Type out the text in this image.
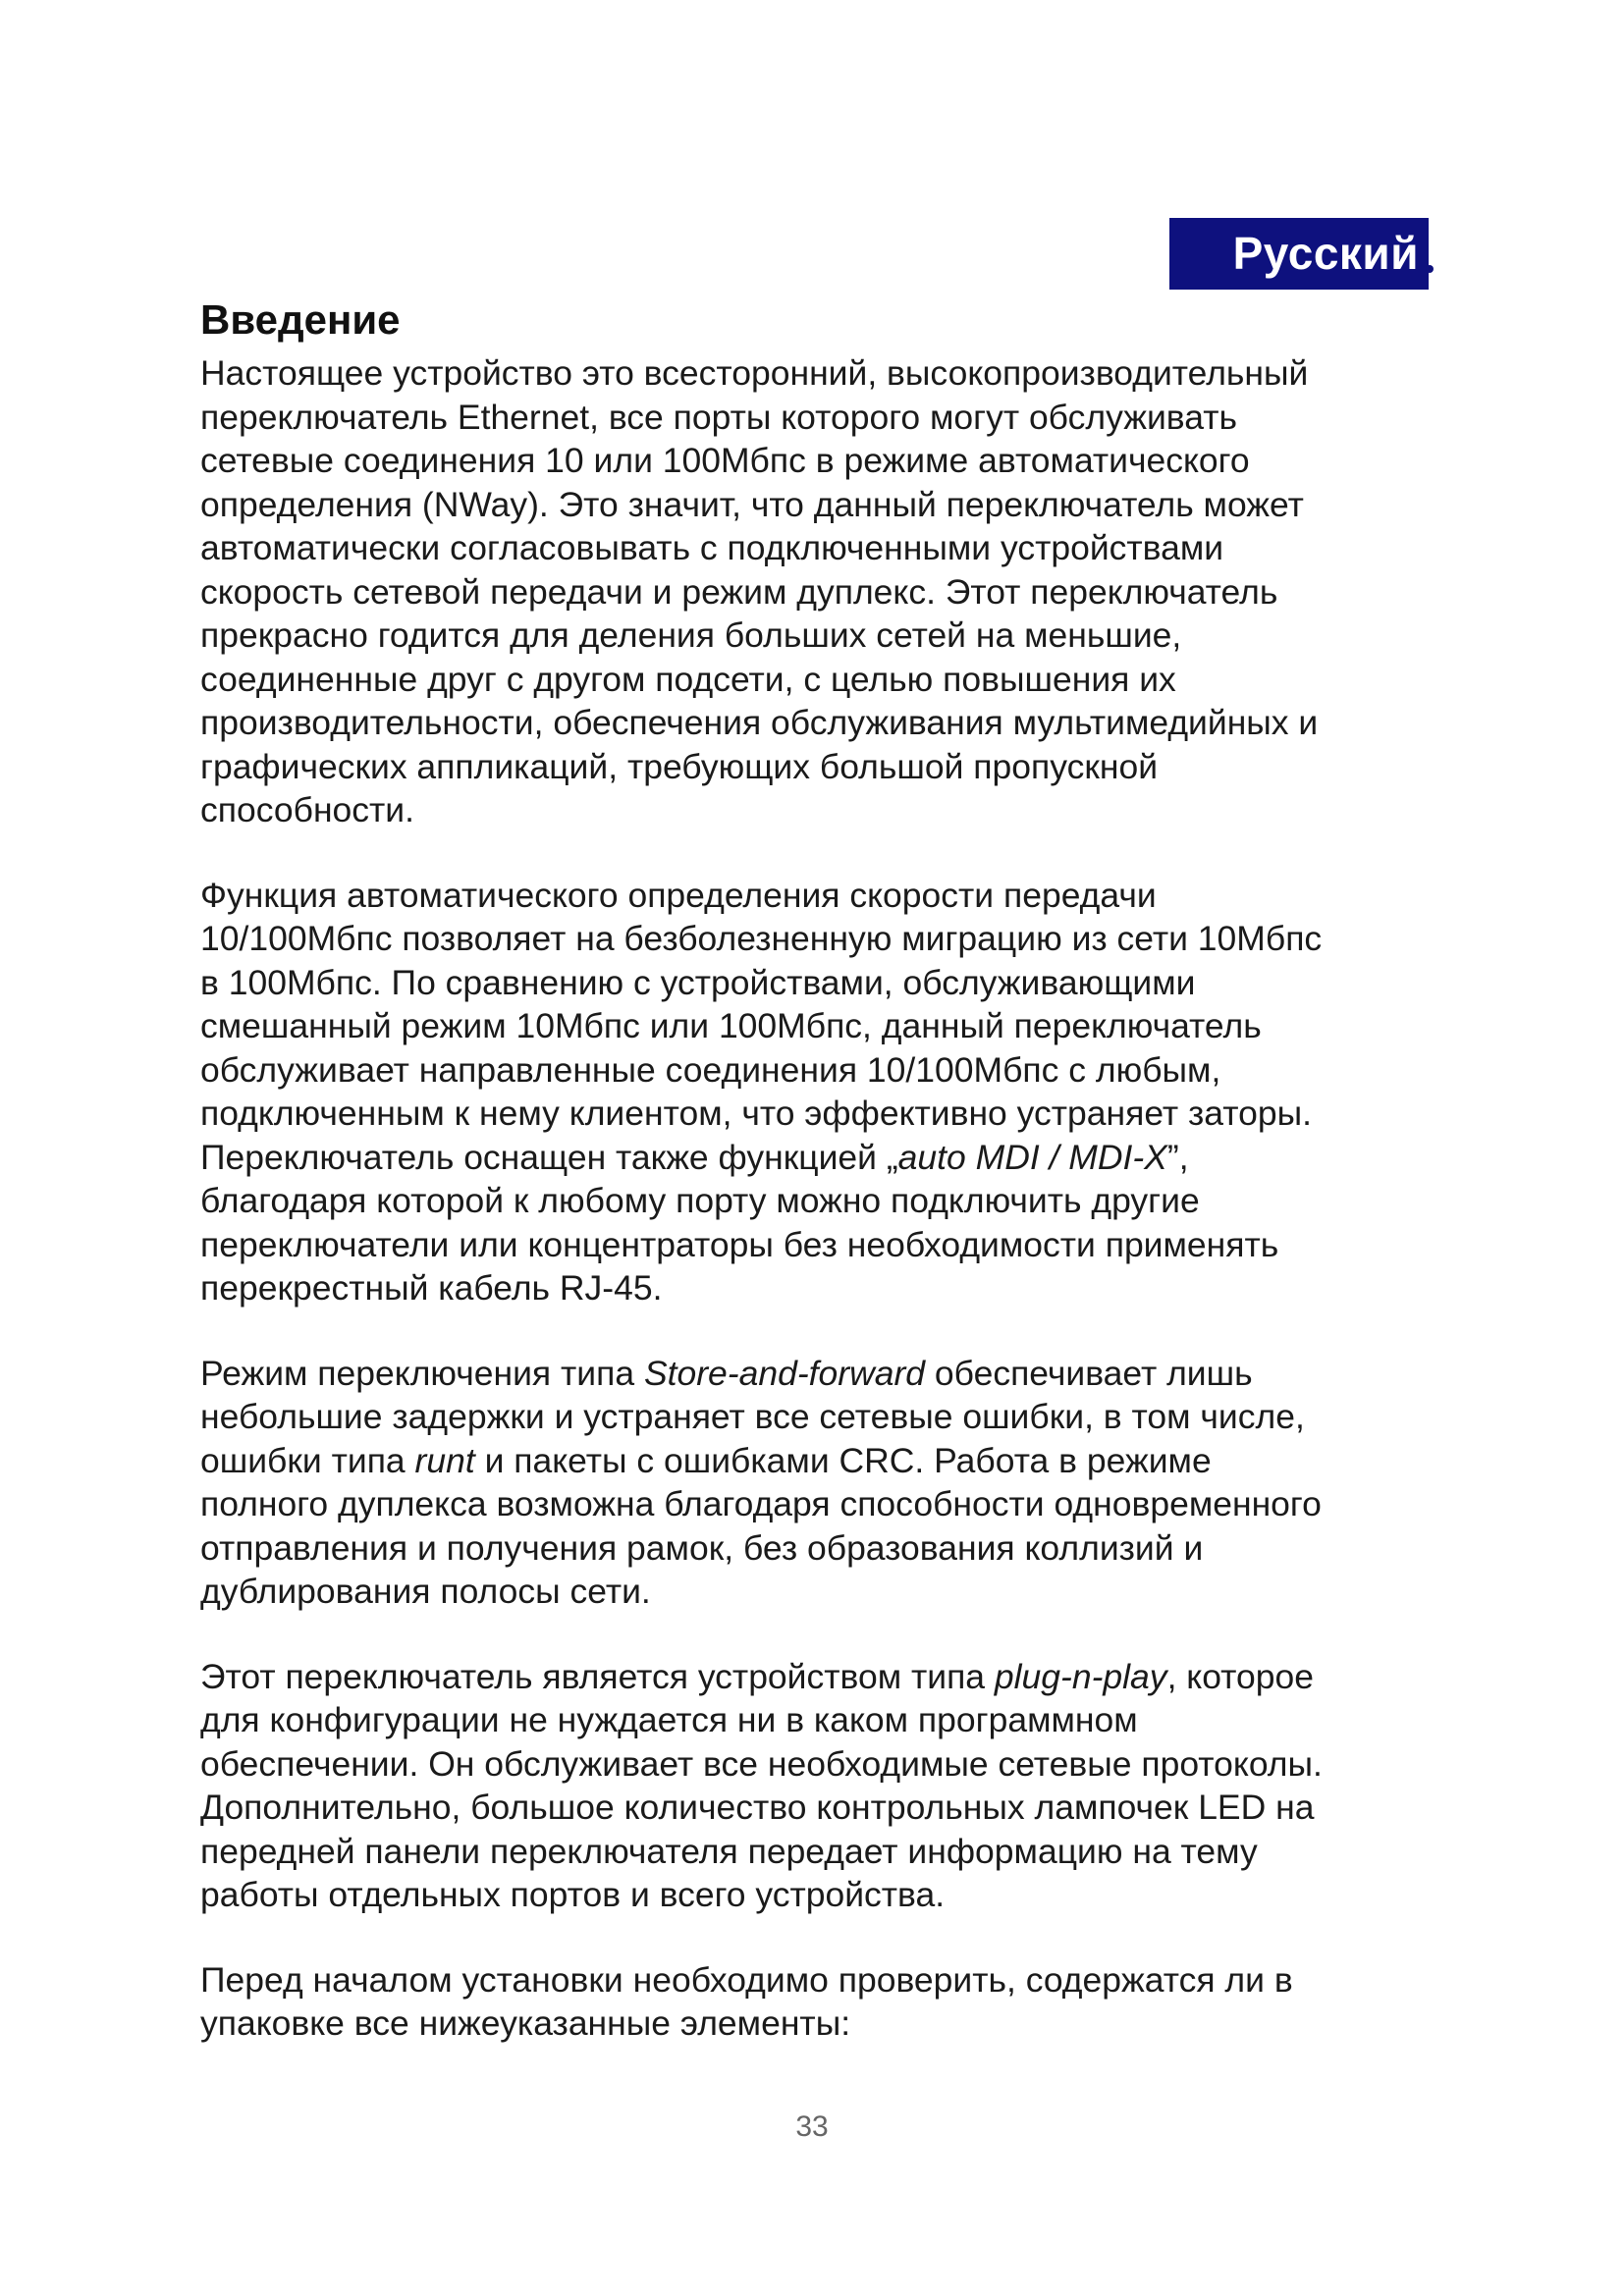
Русский
Введение

Настоящее устройство это всесторонний, высокопроизводительный
переключатель Ethernet, все порты которого могут обслуживать
сетевые соединения 10 или 100Мбпс в режиме автоматического
определения (NWay). Это значит, что данный переключатель может
автоматически согласовывать с подключенными устройствами
скорость сетевой передачи и режим дуплекс. Этот переключатель
прекрасно годится для деления больших сетей на меньшие,
соединенные друг с другом подсети, с целью повышения их
производительности, обеспечения обслуживания мультимедийных и
графических аппликаций, требующих большой пропускной
способности.

Функция автоматического определения скорости передачи
10/100Мбпс позволяет на безболезненную миграцию из сети 10Мбпс
в 100Мбпс. По сравнению с устройствами, обслуживающими
смешанный режим 10Мбпс или 100Мбпс, данный переключатель
обслуживает направленные соединения 10/100Мбпс с любым,
подключенным к нему клиентом, что эффективно устраняет заторы.
Переключатель оснащен также функцией „auto MDI / MDI-X”,
благодаря которой к любому порту можно подключить другие
переключатели или концентраторы без необходимости применять
перекрестный кабель RJ-45.

Режим переключения типа Store-and-forward обеспечивает лишь
небольшие задержки и устраняет все сетевые ошибки, в том числе,
ошибки типа runt и пакеты с ошибками CRC. Работа в режиме
полного дуплекса возможна благодаря способности одновременного
отправления и получения рамок, без образования коллизий и
дублирования полосы сети.

Этот переключатель является устройством типа plug-n-play, которое
для конфигурации не нуждается ни в каком программном
обеспечении. Он обслуживает все необходимые сетевые протоколы.
Дополнительно, большое количество контрольных лампочек LED на
передней панели переключателя передает информацию на тему
работы отдельных портов и всего устройства.

Перед началом установки необходимо проверить, содержатся ли в
упаковке все нижеуказанные элементы:

33
